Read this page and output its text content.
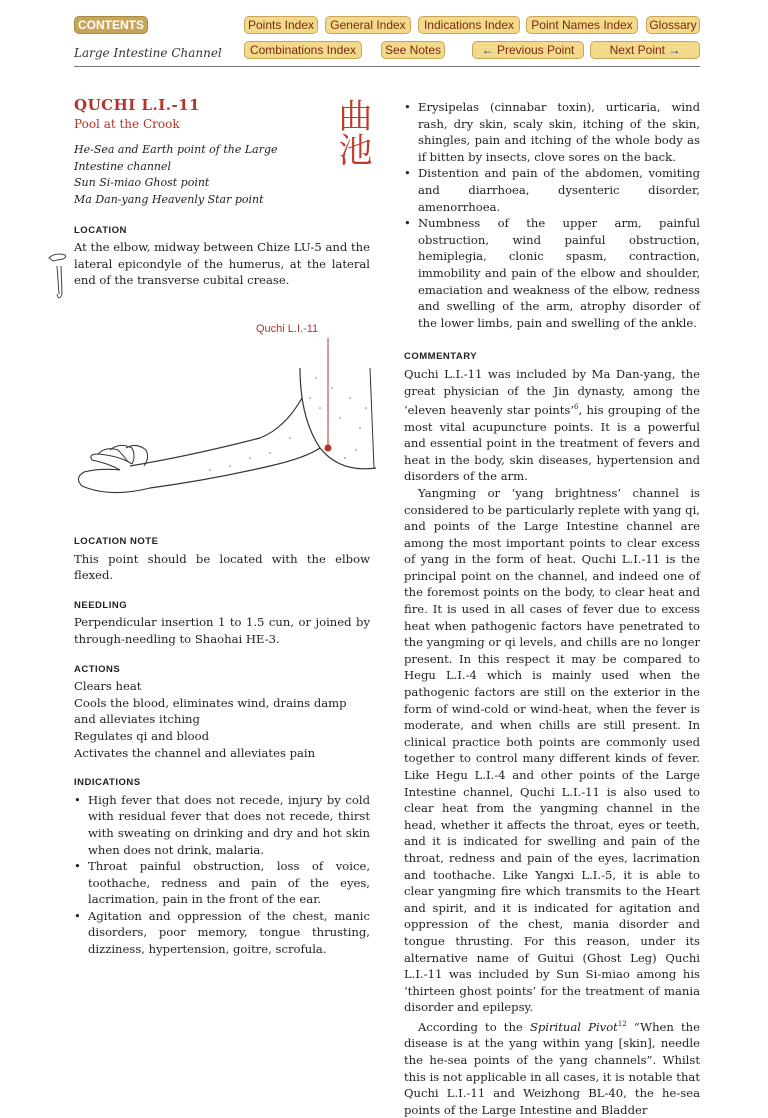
CONTENTS	Points Index	General Index	Indications Index	Point Names Index	Glossary
Combinations Index	See Notes	← Previous Point	Next Point →
Large Intestine Channel
QUCHI L.I.-11
Pool at the Crook
He-Sea and Earth point of the Large Intestine channel
Sun Si-miao Ghost point
Ma Dan-yang Heavenly Star point
LOCATION
At the elbow, midway between Chize LU-5 and the lateral epicondyle of the humerus, at the lateral end of the transverse cubital crease.
曲池
Quchi L.I.-11
LOCATION NOTE
This point should be located with the elbow flexed.
NEEDLING
Perpendicular insertion 1 to 1.5 cun, or joined by through-needling to Shaohai HE-3.
ACTIONS
Clears heat
Cools the blood, eliminates wind, drains damp and alleviates itching
Regulates qi and blood
Activates the channel and alleviates pain
INDICATIONS
• High fever that does not recede, injury by cold with residual fever that does not recede, thirst with sweating on drinking and dry and hot skin when does not drink, malaria.
• Throat painful obstruction, loss of voice, toothache, redness and pain of the eyes, lacrimation, pain in the front of the ear.
• Agitation and oppression of the chest, manic disorders, poor memory, tongue thrusting, dizziness, hypertension, goitre, scrofula.
• Erysipelas (cinnabar toxin), urticaria, wind rash, dry skin, scaly skin, itching of the skin, shingles, pain and itching of the whole body as if bitten by insects, clove sores on the back.
• Distention and pain of the abdomen, vomiting and diarrhoea, dysenteric disorder, amenorrhoea.
• Numbness of the upper arm, painful obstruction, wind painful obstruction, hemiplegia, clonic spasm, contraction, immobility and pain of the elbow and shoulder, emaciation and weakness of the elbow, redness and swelling of the arm, atrophy disorder of the lower limbs, pain and swelling of the ankle.
COMMENTARY
Quchi L.I.-11 was included by Ma Dan-yang, the great physician of the Jin dynasty, among the ‘eleven heavenly star points’$^6$, his grouping of the most vital acupuncture points. It is a powerful and essential point in the treatment of fevers and heat in the body, skin diseases, hypertension and disorders of the arm.
Yangming or ‘yang brightness’ channel is considered to be particularly replete with yang qi, and points of the Large Intestine channel are among the most important points to clear excess of yang in the form of heat. Quchi L.I.-11 is the principal point on the channel, and indeed one of the foremost points on the body, to clear heat and fire. It is used in all cases of fever due to excess heat when pathogenic factors have penetrated to the yangming or qi levels, and chills are no longer present. In this respect it may be compared to Hegu L.I.-4 which is mainly used when the pathogenic factors are still on the exterior in the form of wind-cold or wind-heat, when the fever is moderate, and when chills are still present. In clinical practice both points are commonly used together to control many different kinds of fever. Like Hegu L.I.-4 and other points of the Large Intestine channel, Quchi L.I.-11 is also used to clear heat from the yangming channel in the head, whether it affects the throat, eyes or teeth, and it is indicated for swelling and pain of the throat, redness and pain of the eyes, lacrimation and toothache. Like Yangxi L.I.-5, it is able to clear yangming fire which transmits to the Heart and spirit, and it is indicated for agitation and oppression of the chest, mania disorder and tongue thrusting. For this reason, under its alternative name of Guitui (Ghost Leg) Quchi L.I.-11 was included by Sun Si-miao among his ‘thirteen ghost points’ for the treatment of mania disorder and epilepsy.
According to the Spiritual Pivot$^{12}$ “When the disease is at the yang within yang [skin], needle the he-sea points of the yang channels”. Whilst this is not applicable in all cases, it is notable that Quchi L.I.-11 and Weizhong BL-40, the he-sea points of the Large Intestine and Bladder
